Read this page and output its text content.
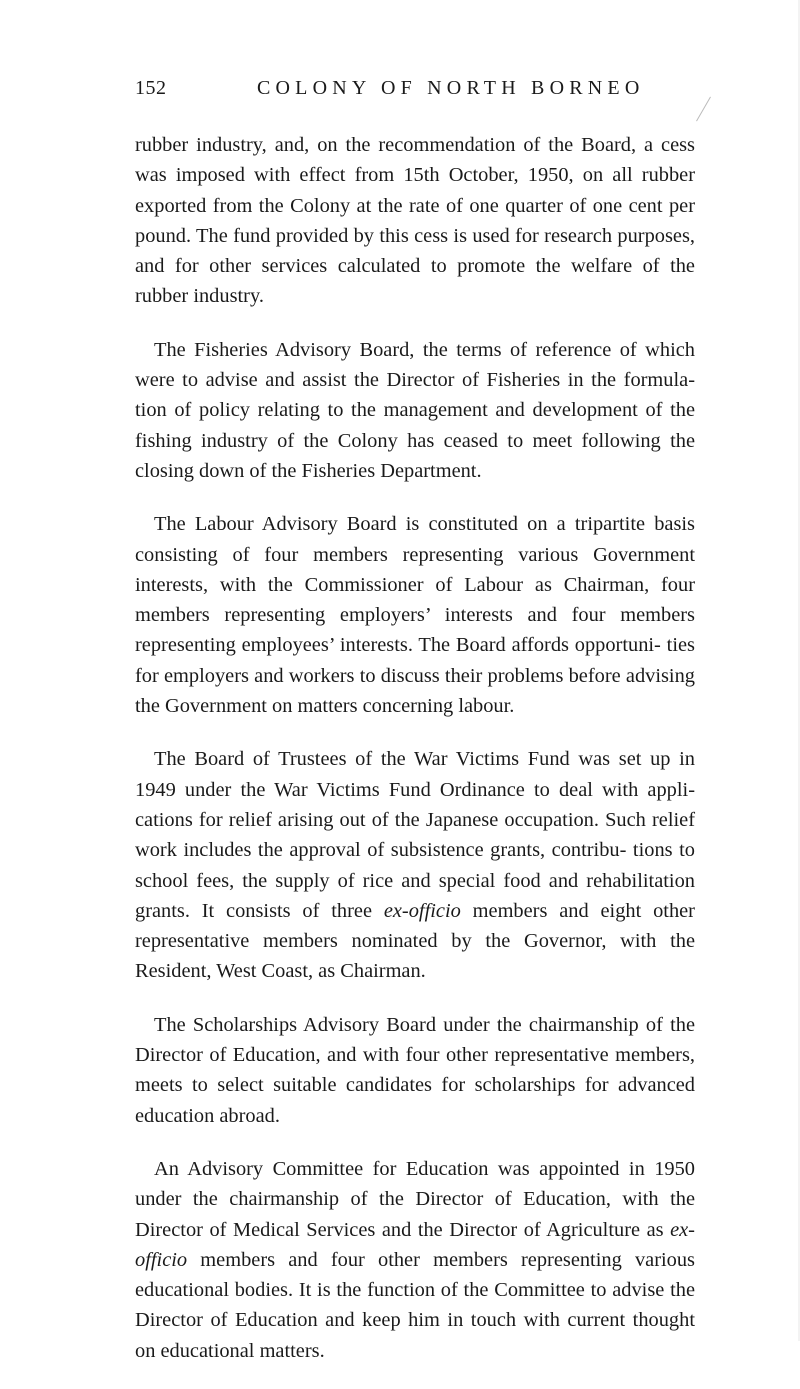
152	COLONY OF NORTH BORNEO

rubber industry, and, on the recommendation of the Board, a cess was imposed with effect from 15th October, 1950, on all rubber exported from the Colony at the rate of one quarter of one cent per pound. The fund provided by this cess is used for research purposes, and for other services calculated to promote the welfare of the rubber industry.

The Fisheries Advisory Board, the terms of reference of which were to advise and assist the Director of Fisheries in the formula- tion of policy relating to the management and development of the fishing industry of the Colony has ceased to meet following the closing down of the Fisheries Department.

The Labour Advisory Board is constituted on a tripartite basis consisting of four members representing various Government interests, with the Commissioner of Labour as Chairman, four members representing employers’ interests and four members representing employees’ interests. The Board affords opportuni- ties for employers and workers to discuss their problems before advising the Government on matters concerning labour.

The Board of Trustees of the War Victims Fund was set up in 1949 under the War Victims Fund Ordinance to deal with appli- cations for relief arising out of the Japanese occupation. Such relief work includes the approval of subsistence grants, contribu- tions to school fees, the supply of rice and special food and rehabilitation grants. It consists of three ex-officio members and eight other representative members nominated by the Governor, with the Resident, West Coast, as Chairman.

The Scholarships Advisory Board under the chairmanship of the Director of Education, and with four other representative members, meets to select suitable candidates for scholarships for advanced education abroad.

An Advisory Committee for Education was appointed in 1950 under the chairmanship of the Director of Education, with the Director of Medical Services and the Director of Agriculture as ex-officio members and four other members representing various educational bodies. It is the function of the Committee to advise the Director of Education and keep him in touch with current thought on educational matters.
